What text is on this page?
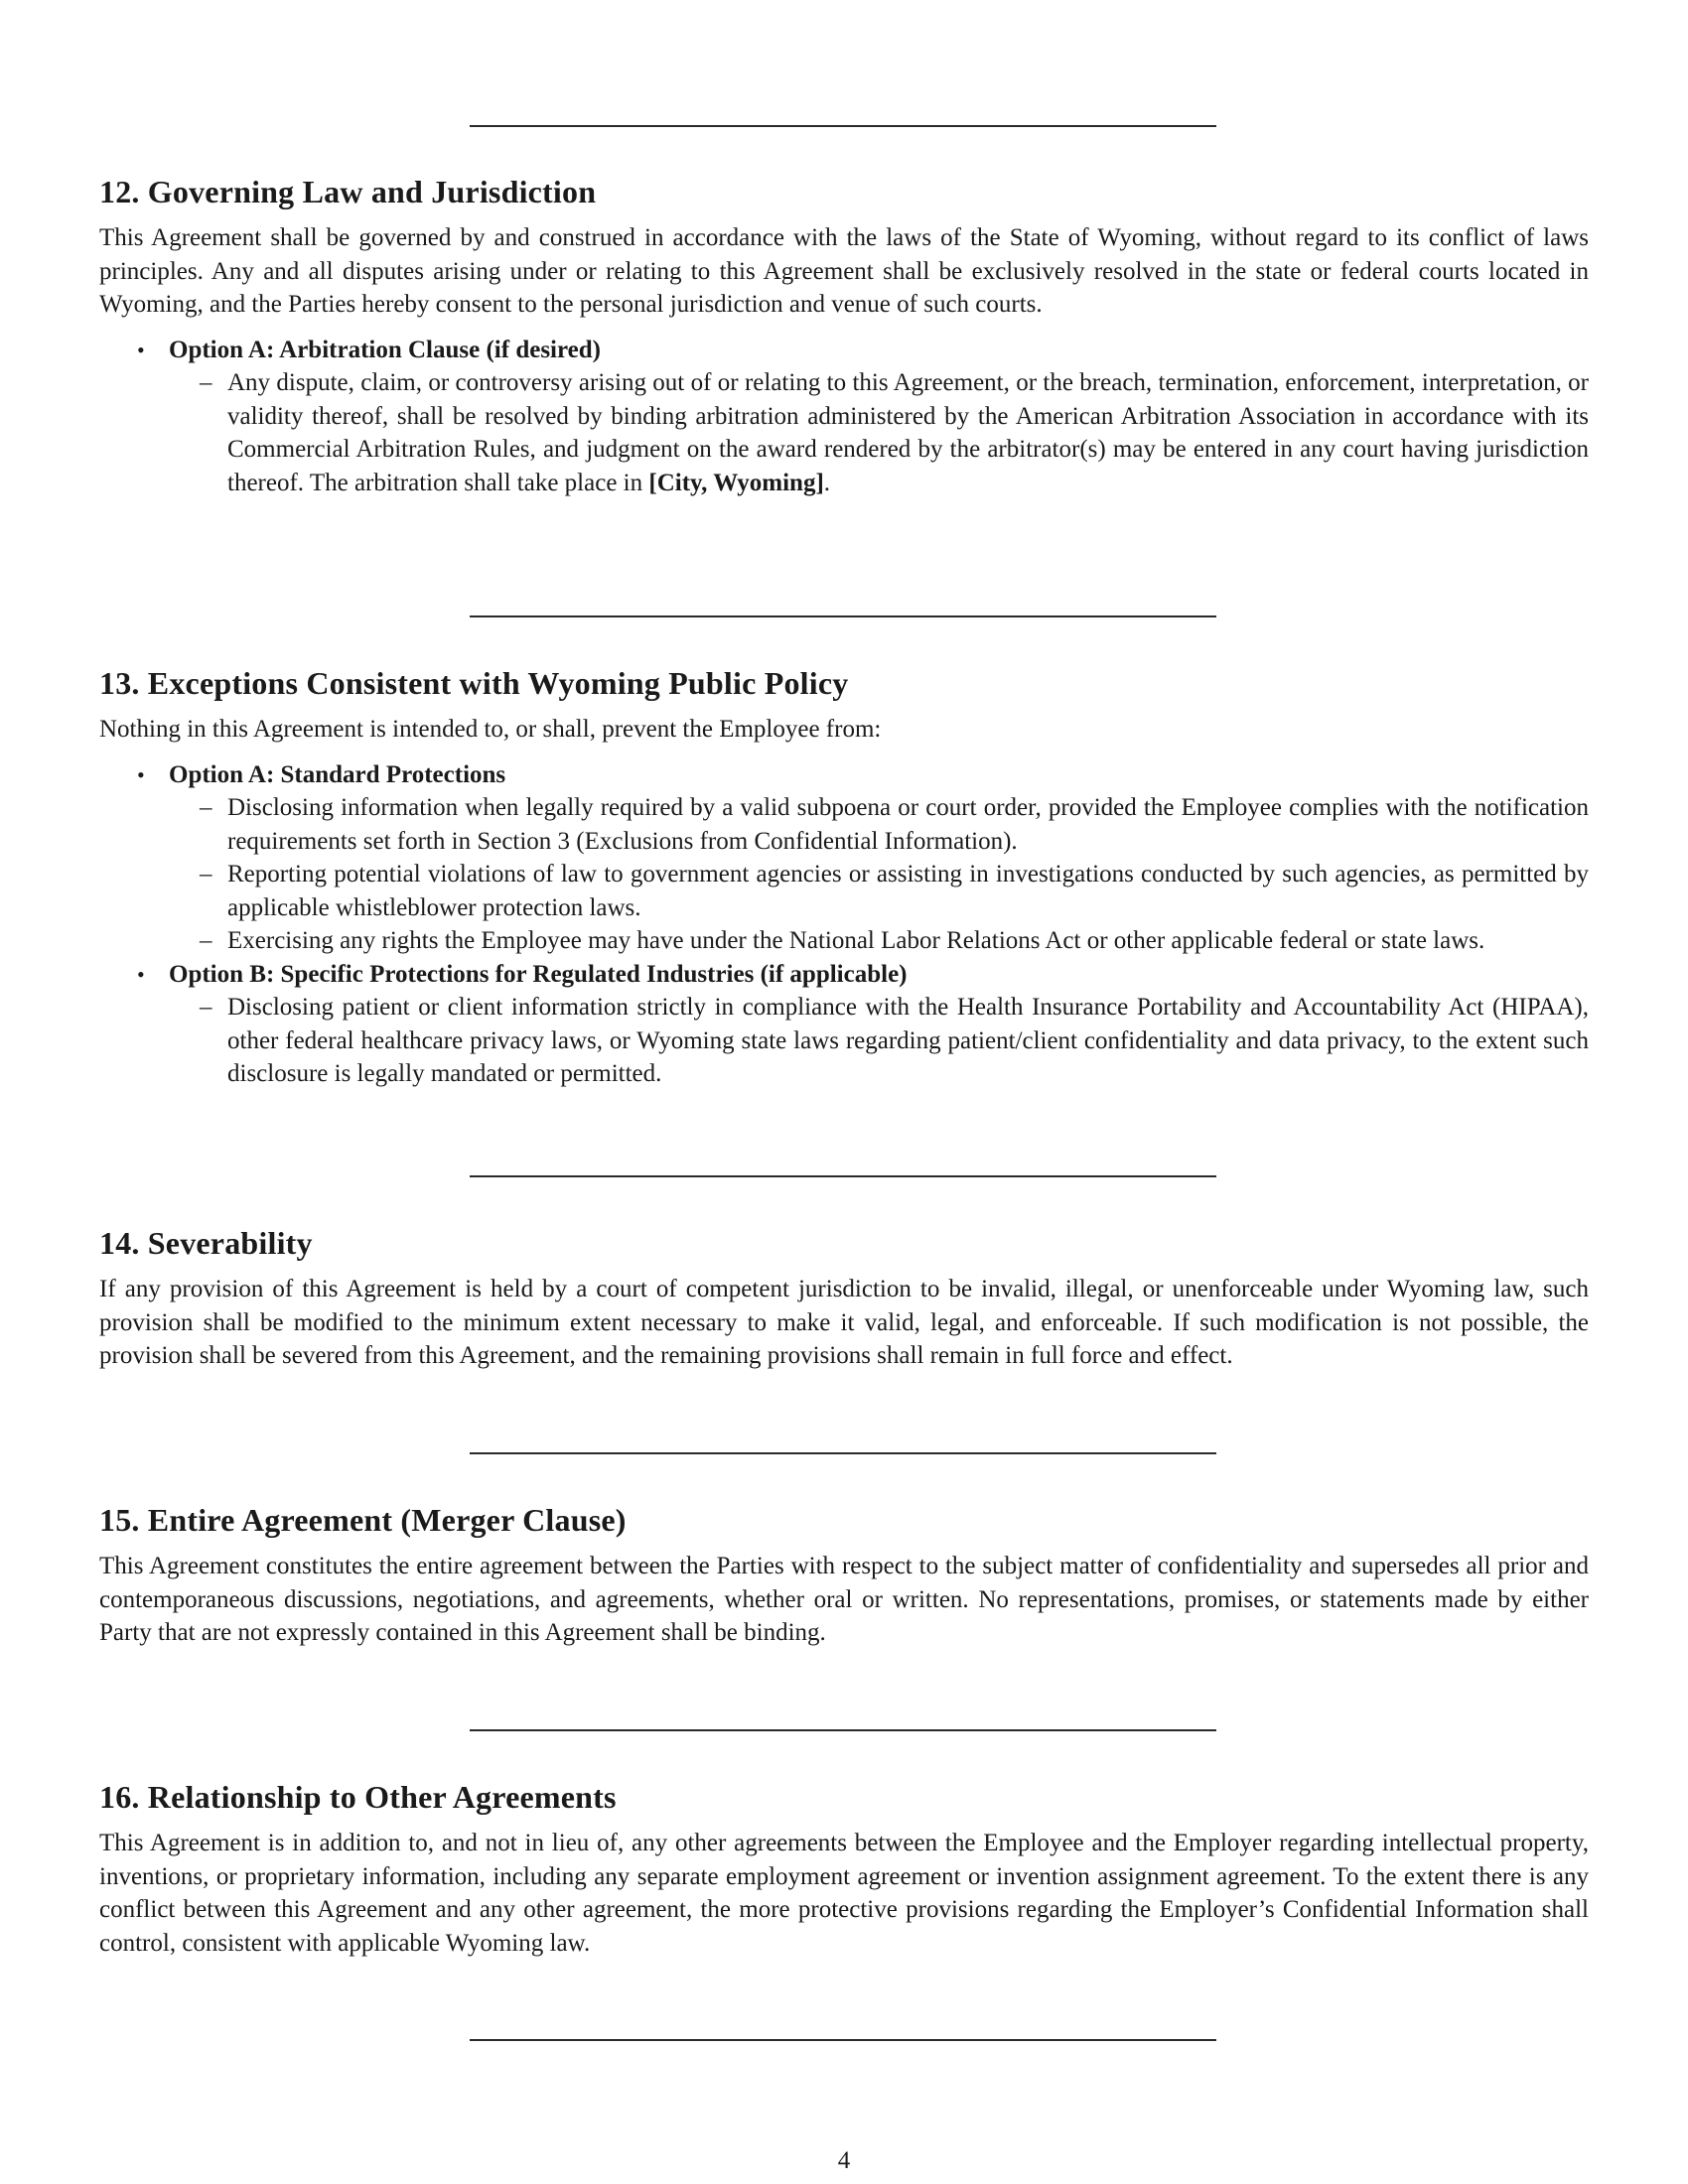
12. Governing Law and Jurisdiction

This Agreement shall be governed by and construed in accordance with the laws of the State of Wyoming, without regard to its conflict of laws principles. Any and all disputes arising under or relating to this Agreement shall be exclusively resolved in the state or federal courts located in Wyoming, and the Parties hereby consent to the personal jurisdiction and venue of such courts.

• Option A: Arbitration Clause (if desired)
– Any dispute, claim, or controversy arising out of or relating to this Agreement, or the breach, termination, enforcement, interpretation, or validity thereof, shall be resolved by binding arbitration administered by the American Arbitration Association in accordance with its Commercial Arbitration Rules, and judgment on the award rendered by the arbitrator(s) may be entered in any court having jurisdiction thereof. The arbitration shall take place in [City, Wyoming].
13. Exceptions Consistent with Wyoming Public Policy

Nothing in this Agreement is intended to, or shall, prevent the Employee from:

• Option A: Standard Protections
– Disclosing information when legally required by a valid subpoena or court order, provided the Employee complies with the notification requirements set forth in Section 3 (Exclusions from Confidential Information).
– Reporting potential violations of law to government agencies or assisting in investigations conducted by such agencies, as permitted by applicable whistleblower protection laws.
– Exercising any rights the Employee may have under the National Labor Relations Act or other applicable federal or state laws.
• Option B: Specific Protections for Regulated Industries (if applicable)
– Disclosing patient or client information strictly in compliance with the Health Insurance Portability and Accountability Act (HIPAA), other federal healthcare privacy laws, or Wyoming state laws regarding patient/client confidentiality and data privacy, to the extent such disclosure is legally mandated or permitted.
14. Severability

If any provision of this Agreement is held by a court of competent jurisdiction to be invalid, illegal, or unenforceable under Wyoming law, such provision shall be modified to the minimum extent necessary to make it valid, legal, and enforceable. If such modification is not possible, the provision shall be severed from this Agreement, and the remaining provisions shall remain in full force and effect.

15. Entire Agreement (Merger Clause)

This Agreement constitutes the entire agreement between the Parties with respect to the subject matter of confidentiality and supersedes all prior and contemporaneous discussions, negotiations, and agreements, whether oral or written. No representations, promises, or statements made by either Party that are not expressly contained in this Agreement shall be binding.

16. Relationship to Other Agreements

This Agreement is in addition to, and not in lieu of, any other agreements between the Employee and the Employer regarding intellectual property, inventions, or proprietary information, including any separate employment agreement or invention assignment agreement. To the extent there is any conflict between this Agreement and any other agreement, the more protective provisions regarding the Employer’s Confidential Information shall control, consistent with applicable Wyoming law.

4
